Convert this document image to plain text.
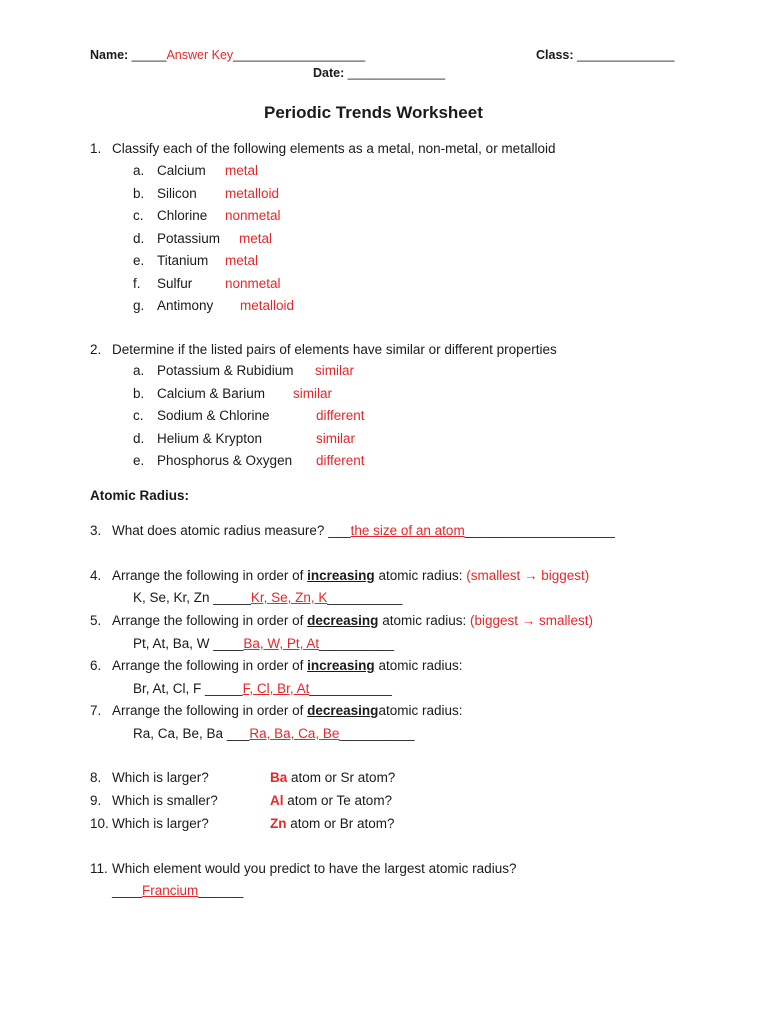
Name: _____Answer Key___________________	Class: ______________
Date: ______________
Periodic Trends Worksheet
1. Classify each of the following elements as a metal, non-metal, or metalloid
a. Calcium metal
b. Silicon metalloid
c. Chlorine nonmetal
d. Potassium metal
e. Titanium metal
f. Sulfur nonmetal
g. Antimony metalloid
2. Determine if the listed pairs of elements have similar or different properties
a. Potassium & Rubidium similar
b. Calcium & Barium similar
c. Sodium & Chlorine	different
d. Helium & Krypton	similar
e. Phosphorus & Oxygen different
Atomic Radius:
3. What does atomic radius measure? ___the size of an atom____________________
4. Arrange the following in order of increasing atomic radius: (smallest → biggest)
K, Se, Kr, Zn _____Kr, Se, Zn, K__________
5. Arrange the following in order of decreasing atomic radius: (biggest → smallest)
Pt, At, Ba, W ____Ba, W, Pt, At__________
6. Arrange the following in order of increasing atomic radius:
Br, At, Cl, F _____F, Cl, Br, At___________
7. Arrange the following in order of decreasingatomic radius:
Ra, Ca, Be, Ba ___Ra, Ba, Ca, Be__________
8. Which is larger?	Ba atom or Sr atom?
9. Which is smaller?	Al atom or Te atom?
10. Which is larger?	Zn atom or Br atom?
11. Which element would you predict to have the largest atomic radius?
____Francium______
